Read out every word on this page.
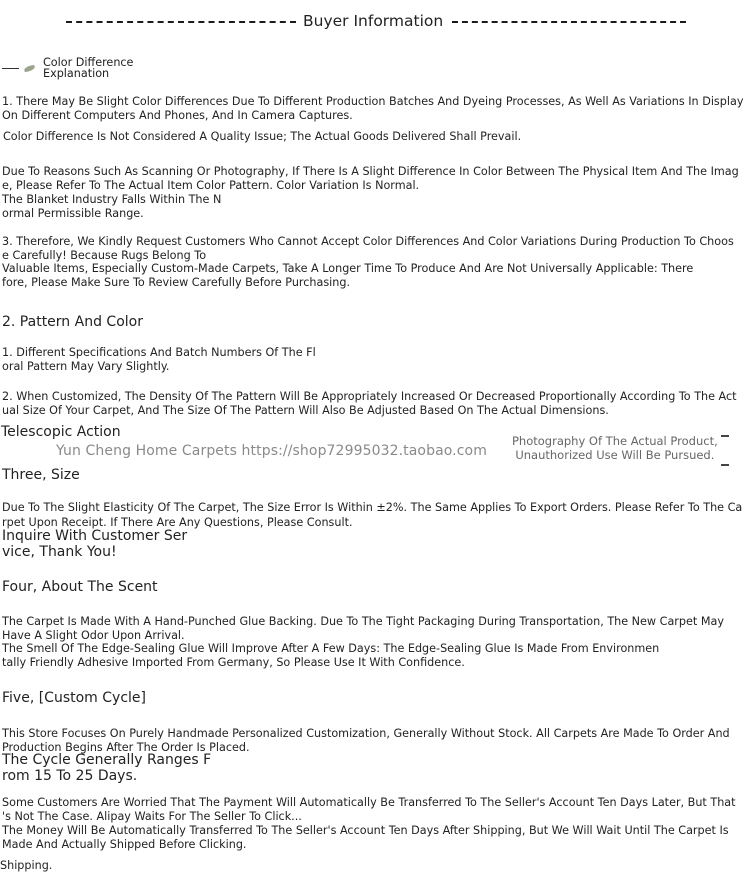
Buyer Information
Color Difference
Explanation
1. There May Be Slight Color Differences Due To Different Production Batches And Dyeing Processes, As Well As Variations In Display
On Different Computers And Phones, And In Camera Captures.
Color Difference Is Not Considered A Quality Issue; The Actual Goods Delivered Shall Prevail.
Due To Reasons Such As Scanning Or Photography, If There Is A Slight Difference In Color Between The Physical Item And The Imag
e, Please Refer To The Actual Item Color Pattern. Color Variation Is Normal.
The Blanket Industry Falls Within The N
ormal Permissible Range.
3. Therefore, We Kindly Request Customers Who Cannot Accept Color Differences And Color Variations During Production To Choos
e Carefully! Because Rugs Belong To
Valuable Items, Especially Custom-Made Carpets, Take A Longer Time To Produce And Are Not Universally Applicable: There
fore, Please Make Sure To Review Carefully Before Purchasing.
2. Pattern And Color
1. Different Specifications And Batch Numbers Of The Fl
oral Pattern May Vary Slightly.
2. When Customized, The Density Of The Pattern Will Be Appropriately Increased Or Decreased Proportionally According To The Act
ual Size Of Your Carpet, And The Size Of The Pattern Will Also Be Adjusted Based On The Actual Dimensions.
Telescopic Action
Yun Cheng Home Carpets https://shop72995032.taobao.com
Photography Of The Actual Product,
Unauthorized Use Will Be Pursued.
Three, Size
Due To The Slight Elasticity Of The Carpet, The Size Error Is Within ±2%. The Same Applies To Export Orders. Please Refer To The Ca
rpet Upon Receipt. If There Are Any Questions, Please Consult.
Inquire With Customer Ser
vice, Thank You!
Four, About The Scent
The Carpet Is Made With A Hand-Punched Glue Backing. Due To The Tight Packaging During Transportation, The New Carpet May
Have A Slight Odor Upon Arrival.
The Smell Of The Edge-Sealing Glue Will Improve After A Few Days: The Edge-Sealing Glue Is Made From Environmen
tally Friendly Adhesive Imported From Germany, So Please Use It With Confidence.
Five, [Custom Cycle]
This Store Focuses On Purely Handmade Personalized Customization, Generally Without Stock. All Carpets Are Made To Order And
Production Begins After The Order Is Placed.
The Cycle Generally Ranges F
rom 15 To 25 Days.
Some Customers Are Worried That The Payment Will Automatically Be Transferred To The Seller's Account Ten Days Later, But That
's Not The Case. Alipay Waits For The Seller To Click...
The Money Will Be Automatically Transferred To The Seller's Account Ten Days After Shipping, But We Will Wait Until The Carpet Is
Made And Actually Shipped Before Clicking.
Shipping.
